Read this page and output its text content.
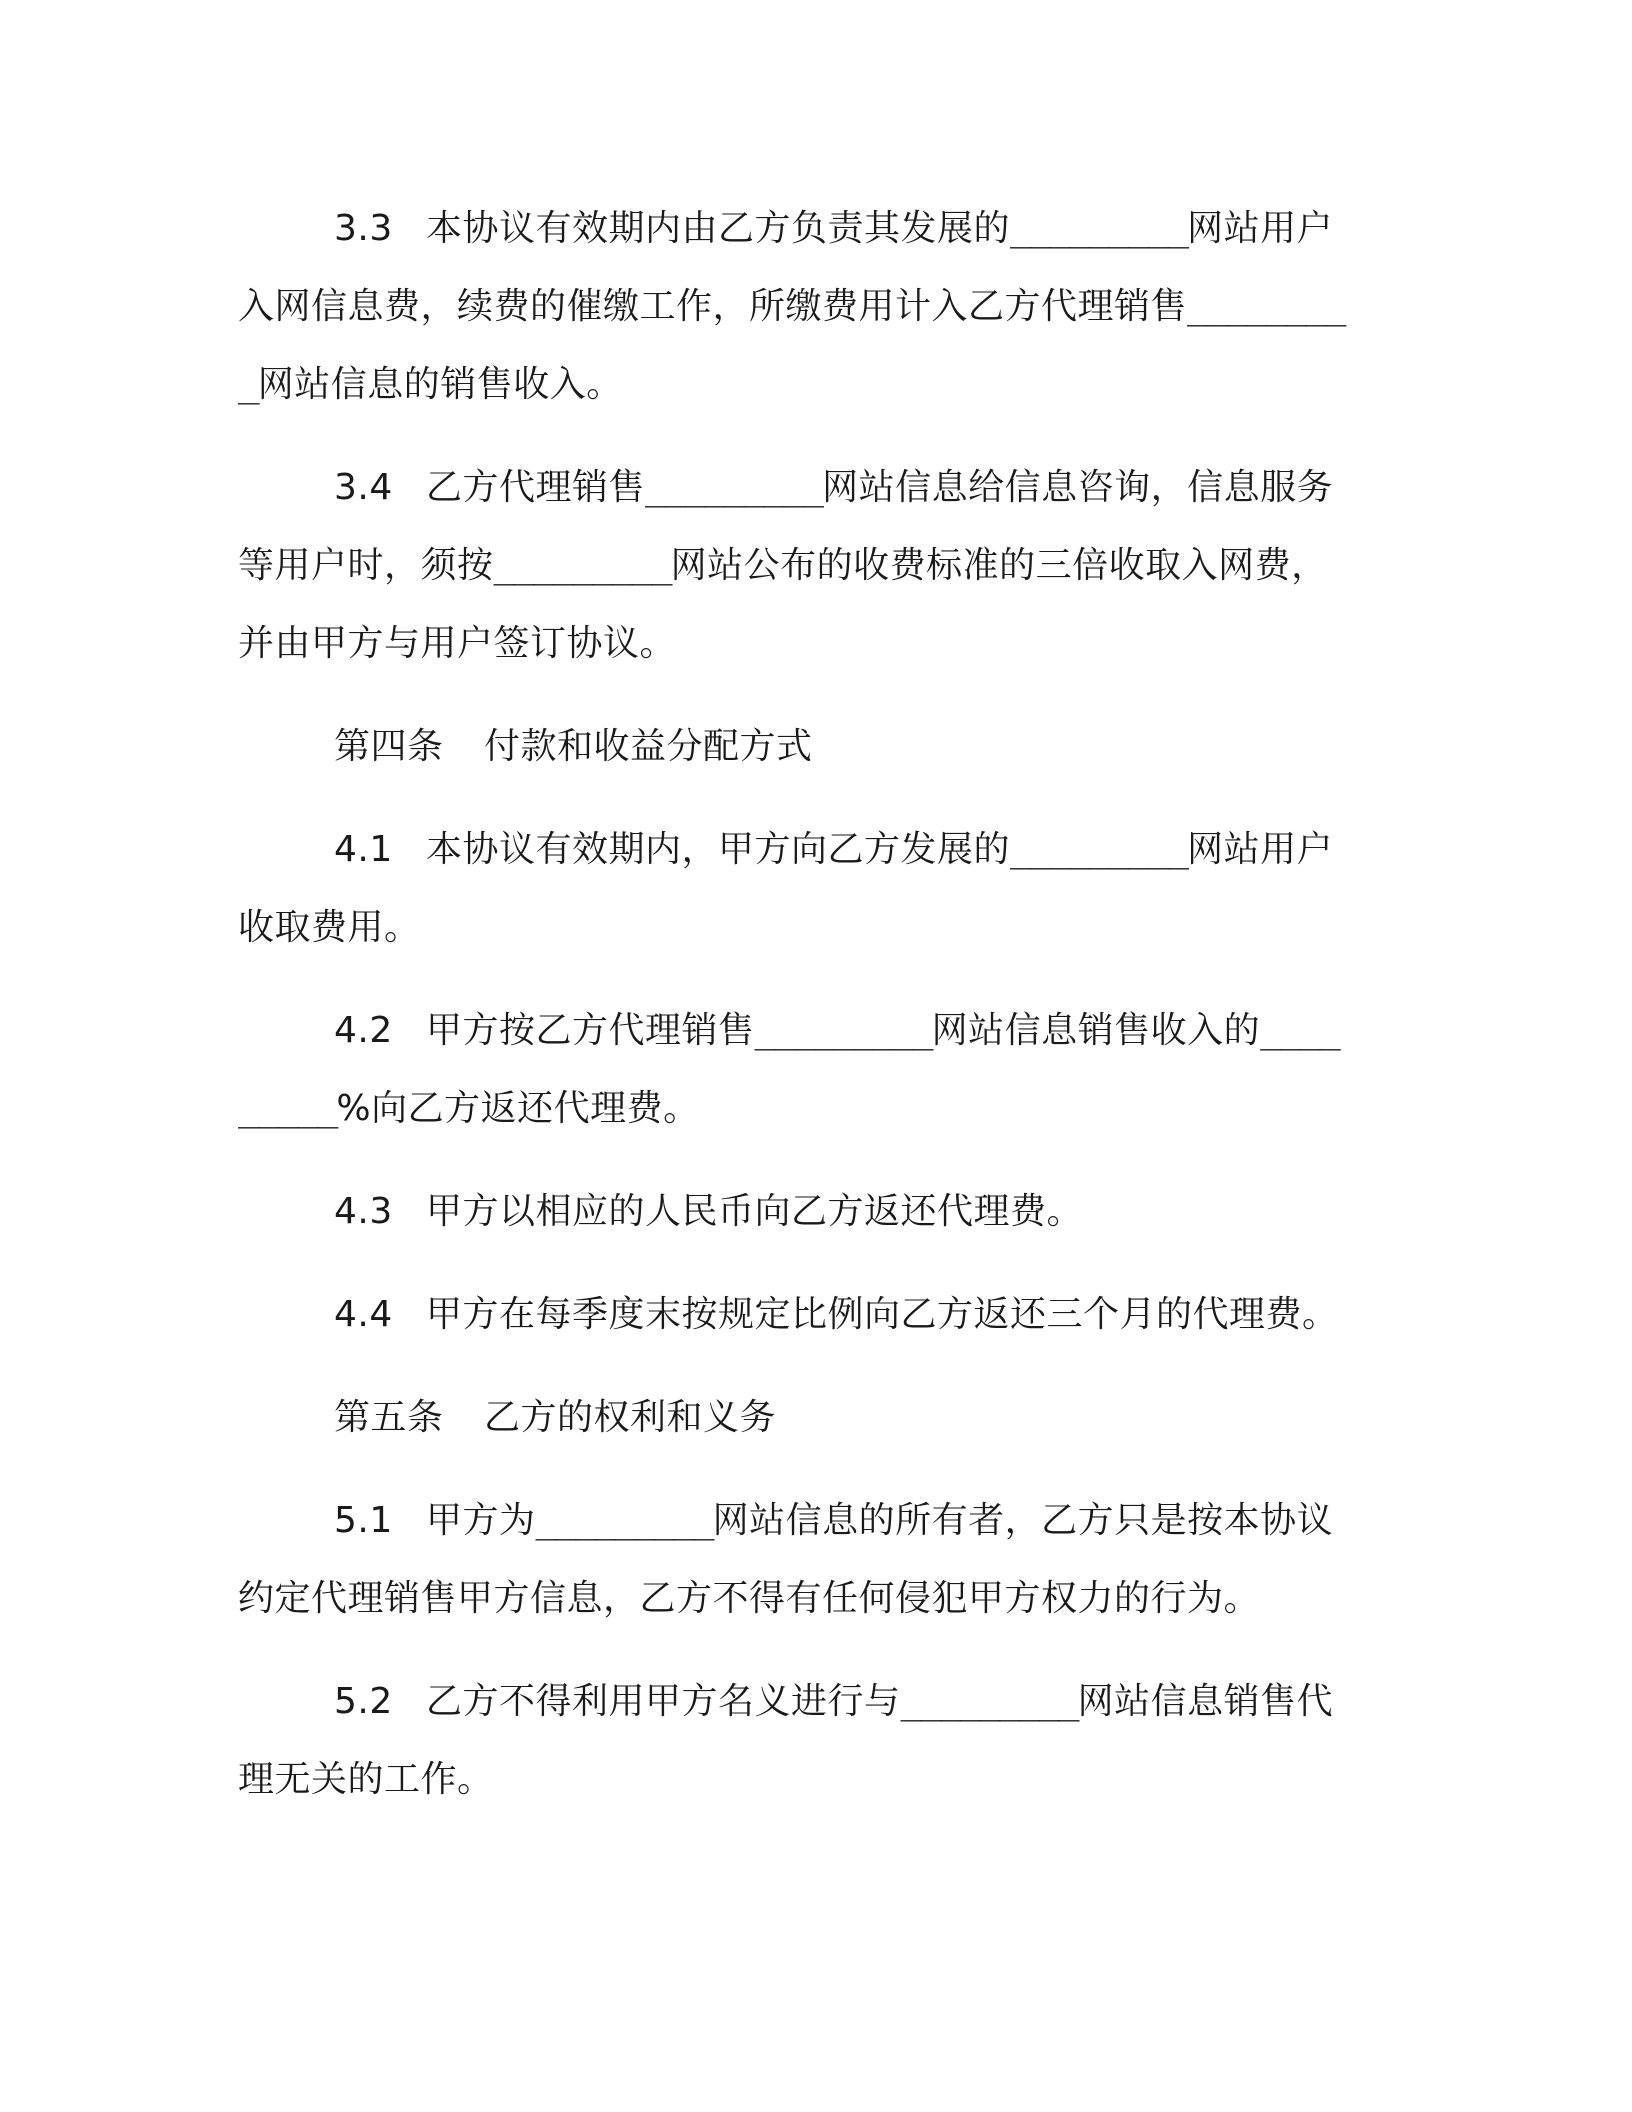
3.3 本协议有效期内由乙方负责其发展的_________网站用户入网信息费，续费的催缴工作，所缴费用计入乙方代理销售_________网站信息的销售收入。

3.4 乙方代理销售_________网站信息给信息咨询，信息服务等用户时，须按_________网站公布的收费标准的三倍收取入网费，并由甲方与用户签订协议。

第四条 付款和收益分配方式

4.1 本协议有效期内，甲方向乙方发展的_________网站用户收取费用。

4.2 甲方按乙方代理销售_________网站信息销售收入的_________%向乙方返还代理费。

4.3 甲方以相应的人民币向乙方返还代理费。

4.4 甲方在每季度末按规定比例向乙方返还三个月的代理费。

第五条 乙方的权利和义务

5.1 甲方为_________网站信息的所有者，乙方只是按本协议约定代理销售甲方信息，乙方不得有任何侵犯甲方权力的行为。

5.2 乙方不得利用甲方名义进行与_________网站信息销售代理无关的工作。
